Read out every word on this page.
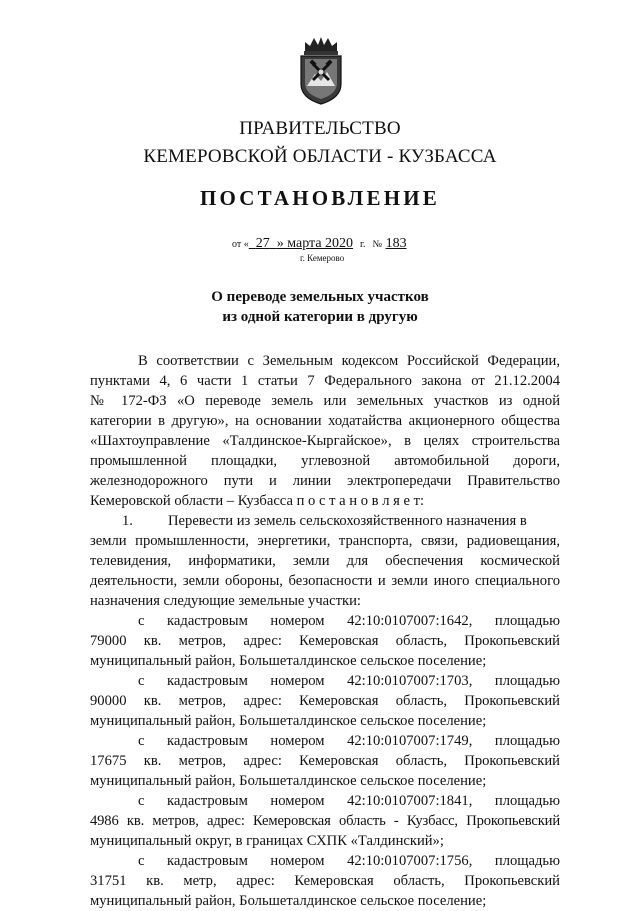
ПРАВИТЕЛЬСТВО
КЕМЕРОВСКОЙ ОБЛАСТИ - КУЗБАССА
ПОСТАНОВЛЕНИЕ
от « 27 » марта 2020 г. № 183
г. Кемерово
О переводе земельных участков
из одной категории в другую
В соответствии с Земельным кодексом Российской Федерации,
пунктами 4, 6 части 1 статьи 7 Федерального закона от 21.12.2004
№ 172-ФЗ «О переводе земель или земельных участков из одной
категории в другую», на основании ходатайства акционерного общества
«Шахтоуправление «Талдинское-Кыргайское», в целях строительства
промышленной площадки, углевозной автомобильной дороги,
железнодорожного пути и линии электропередачи Правительство
Кемеровской области – Кузбасса п о с т а н о в л я е т:
1. Перевести из земель сельскохозяйственного назначения в
земли промышленности, энергетики, транспорта, связи, радиовещания,
телевидения, информатики, земли для обеспечения космической
деятельности, земли обороны, безопасности и земли иного специального
назначения следующие земельные участки:
с кадастровым номером 42:10:0107007:1642, площадью
79000 кв. метров, адрес: Кемеровская область, Прокопьевский
муниципальный район, Большеталдинское сельское поселение;
с кадастровым номером 42:10:0107007:1703, площадью
90000 кв. метров, адрес: Кемеровская область, Прокопьевский
муниципальный район, Большеталдинское сельское поселение;
с кадастровым номером 42:10:0107007:1749, площадью
17675 кв. метров, адрес: Кемеровская область, Прокопьевский
муниципальный район, Большеталдинское сельское поселение;
с кадастровым номером 42:10:0107007:1841, площадью
4986 кв. метров, адрес: Кемеровская область - Кузбасс, Прокопьевский
муниципальный округ, в границах СХПК «Талдинский»;
с кадастровым номером 42:10:0107007:1756, площадью
31751 кв. метр, адрес: Кемеровская область, Прокопьевский
муниципальный район, Большеталдинское сельское поселение;
